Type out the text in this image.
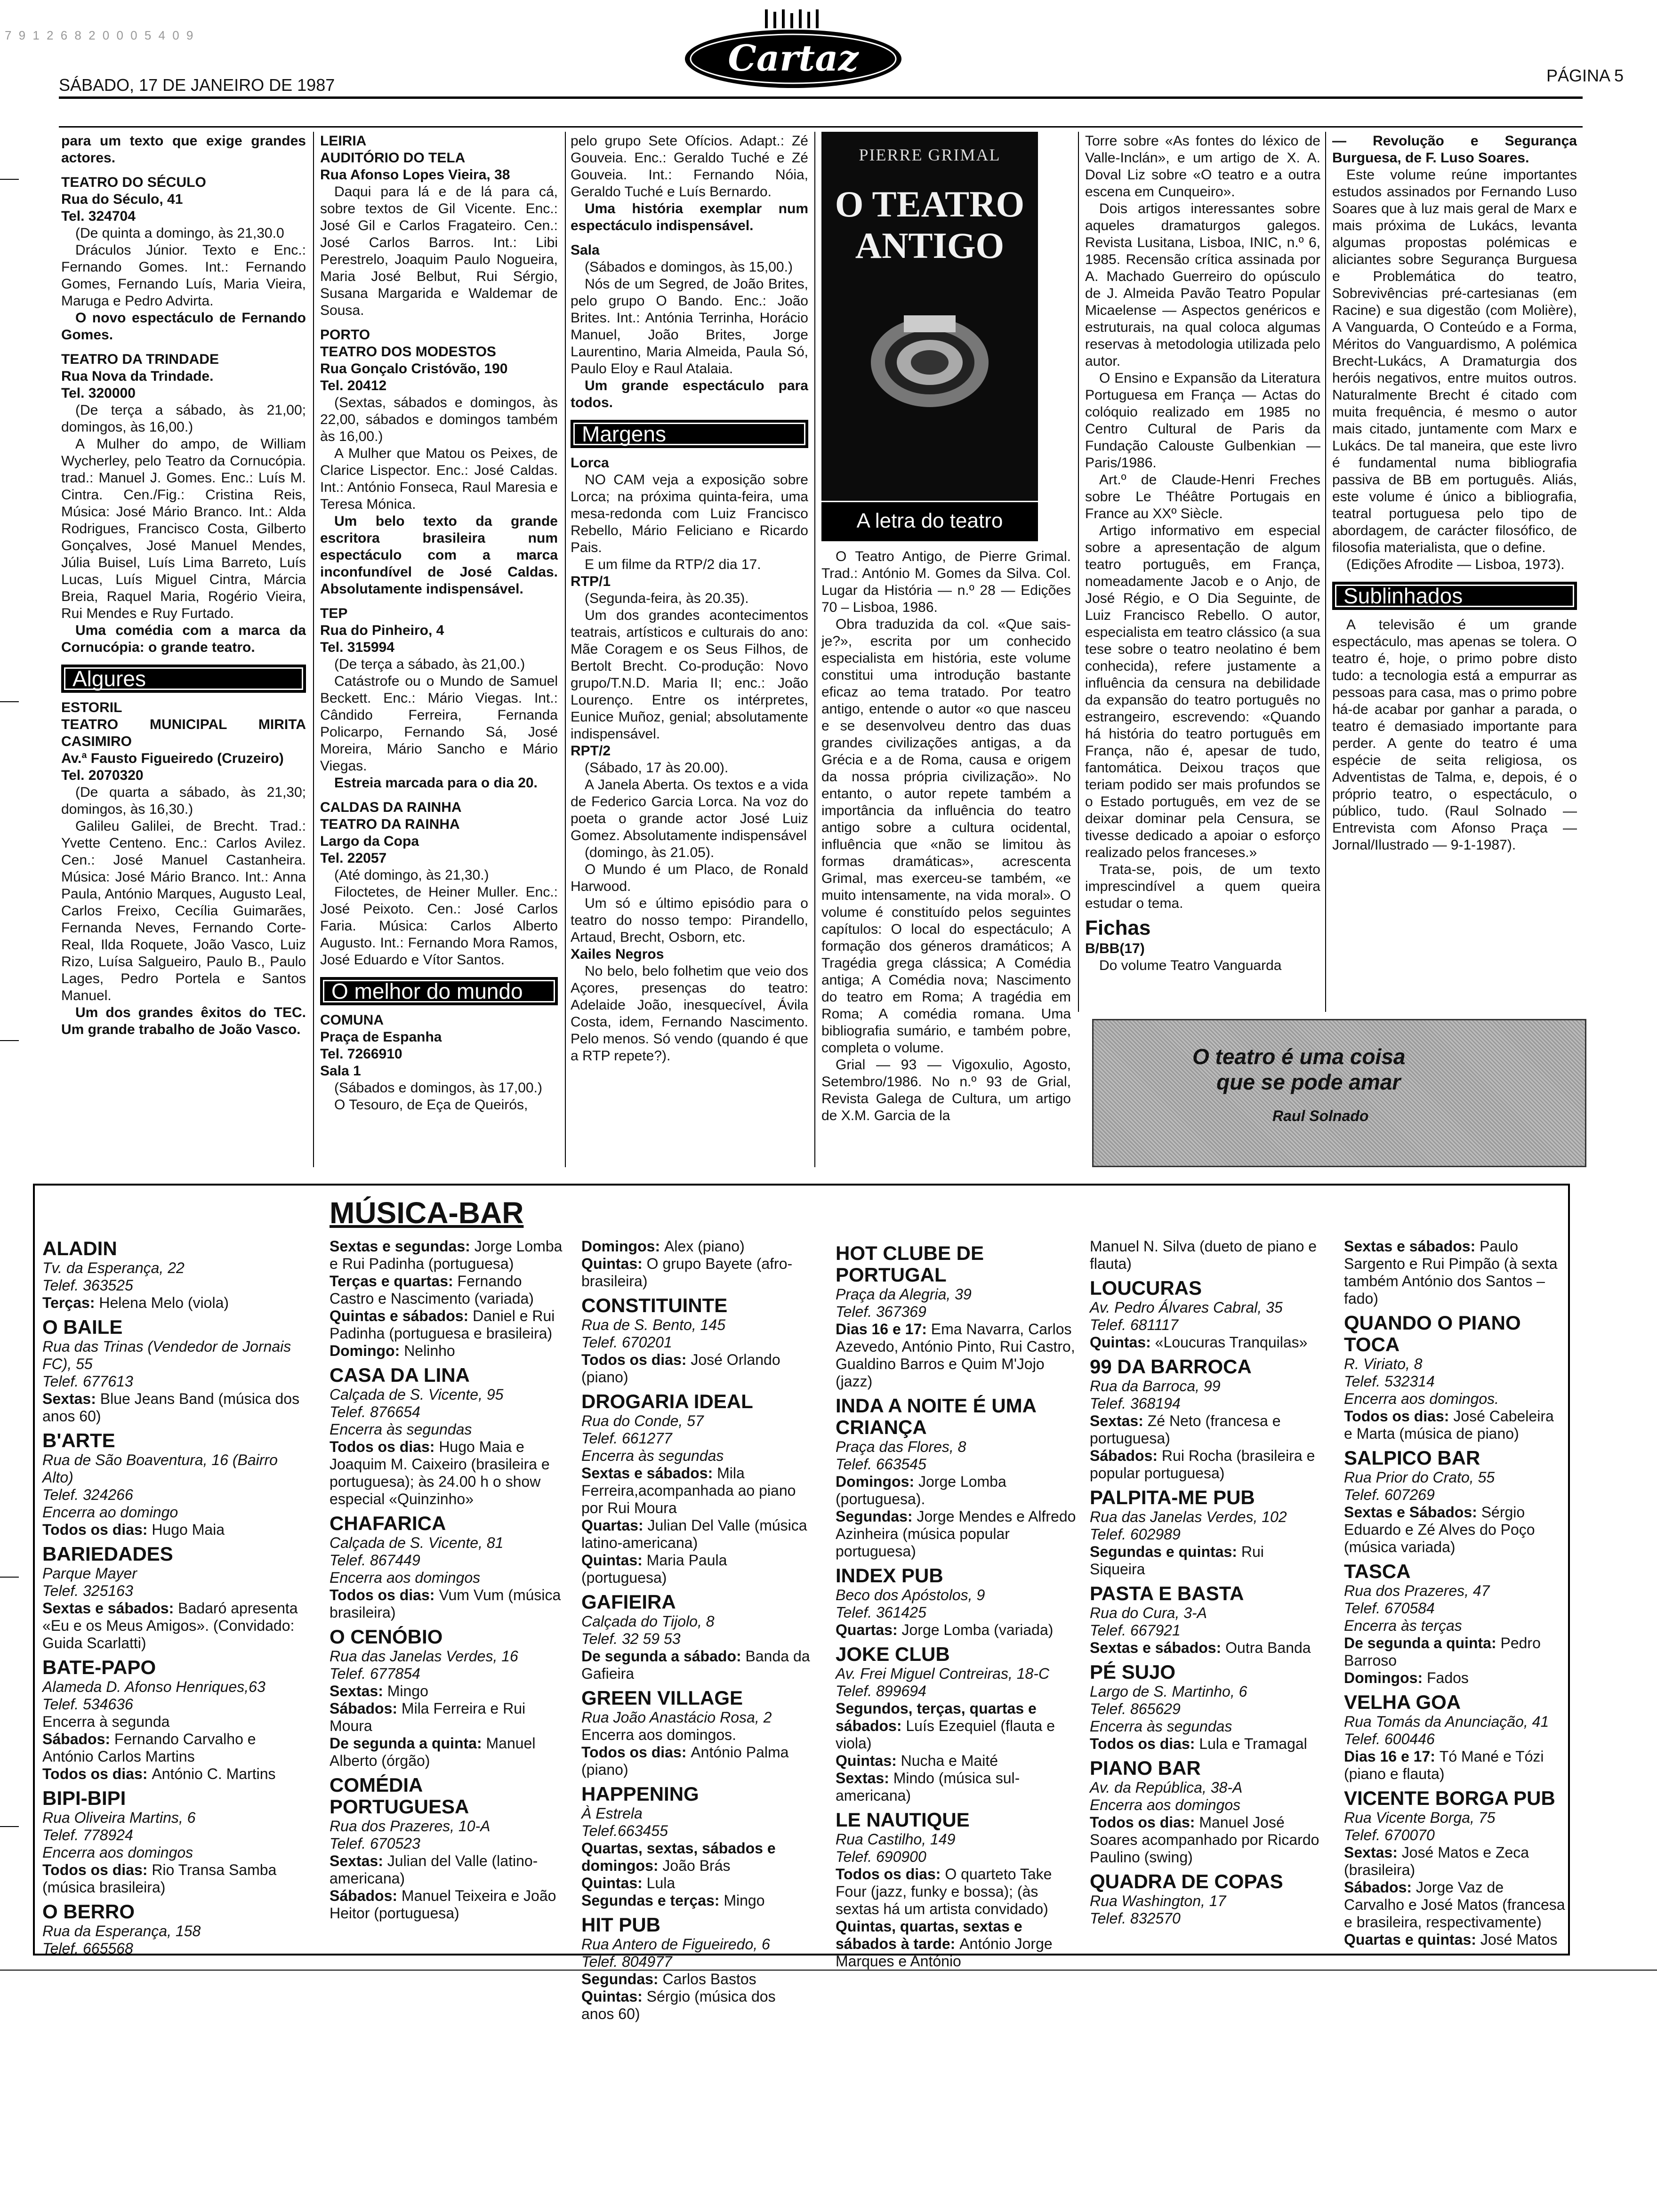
7 9 1 2 6 8 2 0 0 0 5 4 0 9
SÁBADO, 17 DE JANEIRO DE 1987
Cartaz	PÁGINA 5

para um texto que exige grandes actores.

TEATRO DO SÉCULO

Rua do Século, 41

Tel. 324704

(De quinta a domingo, às 21,30.0

Dráculos Júnior. Texto e Enc.: Fernando Gomes. Int.: Fernando Gomes, Fernando Luís, Maria Vieira, Maruga e Pedro Advirta.

O novo espectáculo de Fernando Gomes.

TEATRO DA TRINDADE

Rua Nova da Trindade.

Tel. 320000

(De terça a sábado, às 21,00; domingos, às 16,00.)

A Mulher do ampo, de William Wycherley, pelo Teatro da Cornucópia. trad.: Manuel J. Gomes. Enc.: Luís M. Cintra. Cen./Fig.: Cristina Reis, Música: José Mário Branco. Int.: Alda Rodrigues, Francisco Costa, Gilberto Gonçalves, José Manuel Mendes, Júlia Buisel, Luís Lima Barreto, Luís Lucas, Luís Miguel Cintra, Márcia Breia, Raquel Maria, Rogério Vieira, Rui Mendes e Ruy Furtado.

Uma comédia com a marca da Cornucópia: o grande teatro.

Algures

ESTORIL

TEATRO MUNICIPAL MIRITA CASIMIRO

Av.ª Fausto Figueiredo (Cruzeiro)

Tel. 2070320

(De quarta a sábado, às 21,30; domingos, às 16,30.)

Galileu Galilei, de Brecht. Trad.: Yvette Centeno. Enc.: Carlos Avilez. Cen.: José Manuel Castanheira. Música: José Mário Branco. Int.: Anna Paula, António Marques, Augusto Leal, Carlos Freixo, Cecília Guimarães, Fernanda Neves, Fernando Corte-Real, Ilda Roquete, João Vasco, Luiz Rizo, Luísa Salgueiro, Paulo B., Paulo Lages, Pedro Portela e Santos Manuel.

Um dos grandes êxitos do TEC. Um grande trabalho de João Vasco.

LEIRIA

AUDITÓRIO DO TELA

Rua Afonso Lopes Vieira, 38

Daqui para lá e de lá para cá, sobre textos de Gil Vicente. Enc.: José Gil e Carlos Fragateiro. Cen.: José Carlos Barros. Int.: Libi Perestrelo, Joaquim Paulo Nogueira, Maria José Belbut, Rui Sérgio, Susana Margarida e Waldemar de Sousa.

PORTO

TEATRO DOS MODESTOS

Rua Gonçalo Cristóvão, 190

Tel. 20412

(Sextas, sábados e domingos, às 22,00, sábados e domingos também às 16,00.)

A Mulher que Matou os Peixes, de Clarice Lispector. Enc.: José Caldas. Int.: António Fonseca, Raul Maresia e Teresa Mónica.

Um belo texto da grande escritora brasileira num espectáculo com a marca inconfundível de José Caldas. Absolutamente indispensável.

TEP

Rua do Pinheiro, 4

Tel. 315994

(De terça a sábado, às 21,00.)

Catástrofe ou o Mundo de Samuel Beckett. Enc.: Mário Viegas. Int.: Cândido Ferreira, Fernanda Policarpo, Fernando Sá, José Moreira, Mário Sancho e Mário Viegas.

Estreia marcada para o dia 20.

CALDAS DA RAINHA

TEATRO DA RAINHA

Largo da Copa

Tel. 22057

(Até domingo, às 21,30.)

Filoctetes, de Heiner Muller. Enc.: José Peixoto. Cen.: José Carlos Faria. Música: Carlos Alberto Augusto. Int.: Fernando Mora Ramos, José Eduardo e Vítor Santos.

O melhor do mundo

COMUNA

Praça de Espanha

Tel. 7266910

Sala 1

(Sábados e domingos, às 17,00.)

O Tesouro, de Eça de Queirós,

pelo grupo Sete Ofícios. Adapt.: Zé Gouveia. Enc.: Geraldo Tuché e Zé Gouveia. Int.: Fernando Nóia, Geraldo Tuché e Luís Bernardo.

Uma história exemplar num espectáculo indispensável.

Sala

(Sábados e domingos, às 15,00.)

Nós de um Segred, de João Brites, pelo grupo O Bando. Enc.: João Brites. Int.: Antónia Terrinha, Horácio Manuel, João Brites, Jorge Laurentino, Maria Almeida, Paula Só, Paulo Eloy e Raul Atalaia.

Um grande espectáculo para todos.

Margens

Lorca

NO CAM veja a exposição sobre Lorca; na próxima quinta-feira, uma mesa-redonda com Luiz Francisco Rebello, Mário Feliciano e Ricardo Pais.

E um filme da RTP/2 dia 17.

RTP/1

(Segunda-feira, às 20.35).

Um dos grandes acontecimentos teatrais, artísticos e culturais do ano: Mãe Coragem e os Seus Filhos, de Bertolt Brecht. Co-produção: Novo grupo/T.N.D. Maria II; enc.: João Lourenço. Entre os intérpretes, Eunice Muñoz, genial; absolutamente indispensável.

RPT/2

(Sábado, 17 às 20.00).

A Janela Aberta. Os textos e a vida de Federico Garcia Lorca. Na voz do poeta o grande actor José Luiz Gomez. Absolutamente indispensável

(domingo, às 21.05).

O Mundo é um Placo, de Ronald Harwood.

Um só e último episódio para o teatro do nosso tempo: Pirandello, Artaud, Brecht, Osborn, etc.

Xailes Negros

No belo, belo folhetim que veio dos Açores, presenças do teatro: Adelaide João, inesquecível, Ávila Costa, idem, Fernando Nascimento. Pelo menos. Só vendo (quando é que a RTP repete?).

PIERRE GRIMAL
O TEATRO ANTIGO
A letra do teatro

O Teatro Antigo, de Pierre Grimal. Trad.: António M. Gomes da Silva. Col. Lugar da História — n.º 28 — Edições 70 – Lisboa, 1986.

Obra traduzida da col. «Que sais-je?», escrita por um conhecido especialista em história, este volume constitui uma introdução bastante eficaz ao tema tratado. Por teatro antigo, entende o autor «o que nasceu e se desenvolveu dentro das duas grandes civilizações antigas, a da Grécia e a de Roma, causa e origem da nossa própria civilização». No entanto, o autor repete também a importância da influência do teatro antigo sobre a cultura ocidental, influência que «não se limitou às formas dramáticas», acrescenta Grimal, mas exerceu-se também, «e muito intensamente, na vida moral». O volume é constituído pelos seguintes capítulos: O local do espectáculo; A formação dos géneros dramáticos; A Tragédia grega clássica; A Comédia antiga; A Comédia nova; Nascimento do teatro em Roma; A tragédia em Roma; A comédia romana. Uma bibliografia sumário, e também pobre, completa o volume.

Grial — 93 — Vigoxulio, Agosto, Setembro/1986. No n.º 93 de Grial, Revista Galega de Cultura, um artigo de X.M. Garcia de la

Torre sobre «As fontes do léxico de Valle-Inclán», e um artigo de X. A. Doval Liz sobre «O teatro e a outra escena em Cunqueiro».

Dois artigos interessantes sobre aqueles dramaturgos galegos. Revista Lusitana, Lisboa, INIC, n.º 6, 1985. Recensão crítica assinada por A. Machado Guerreiro do opúsculo de J. Almeida Pavão Teatro Popular Micaelense — Aspectos genéricos e estruturais, na qual coloca algumas reservas à metodologia utilizada pelo autor.

O Ensino e Expansão da Literatura Portuguesa em França — Actas do colóquio realizado em 1985 no Centro Cultural de Paris da Fundação Calouste Gulbenkian — Paris/1986.

Art.º de Claude-Henri Freches sobre Le Théâtre Portugais en France au XXº Siècle.

Artigo informativo em especial sobre a apresentação de algum teatro português, em França, nomeadamente Jacob e o Anjo, de José Régio, e O Dia Seguinte, de Luiz Francisco Rebello. O autor, especialista em teatro clássico (a sua tese sobre o teatro neolatino é bem conhecida), refere justamente a influência da censura na debilidade da expansão do teatro português no estrangeiro, escrevendo: «Quando há história do teatro português em França, não é, apesar de tudo, fantomática. Deixou traços que teriam podido ser mais profundos se o Estado português, em vez de se deixar dominar pela Censura, se tivesse dedicado a apoiar o esforço realizado pelos franceses.»

Trata-se, pois, de um texto imprescindível a quem queira estudar o tema.

Fichas

B/BB(17)

Do volume Teatro Vanguarda

— Revolução e Segurança Burguesa, de F. Luso Soares.

Este volume reúne importantes estudos assinados por Fernando Luso Soares que à luz mais geral de Marx e mais próxima de Lukács, levanta algumas propostas polémicas e aliciantes sobre Segurança Burguesa e Problemática do teatro, Sobrevivências pré-cartesianas (em Racine) e sua digestão (com Molière), A Vanguarda, O Conteúdo e a Forma, Méritos do Vanguardismo, A polémica Brecht-Lukács, A Dramaturgia dos heróis negativos, entre muitos outros. Naturalmente Brecht é citado com muita frequência, é mesmo o autor mais citado, juntamente com Marx e Lukács. De tal maneira, que este livro é fundamental numa bibliografia passiva de BB em português. Aliás, este volume é único a bibliografia, teatral portuguesa pelo tipo de abordagem, de carácter filosófico, de filosofia materialista, que o define.

(Edições Afrodite — Lisboa, 1973).

Sublinhados

A televisão é um grande espectáculo, mas apenas se tolera. O teatro é, hoje, o primo pobre disto tudo: a tecnologia está a empurrar as pessoas para casa, mas o primo pobre há-de acabar por ganhar a parada, o teatro é demasiado importante para perder. A gente do teatro é uma espécie de seita religiosa, os Adventistas de Talma, e, depois, é o próprio teatro, o espectáculo, o público, tudo. (Raul Solnado — Entrevista com Afonso Praça — Jornal/Ilustrado — 9-1-1987).

O teatro é uma coisa
que se pode amar
Raul Solnado
MÚSICA-BAR
ALADIN
Tv. da Esperança, 22
Telef. 363525
Terças: Helena Melo (viola)
O BAILE
Rua das Trinas (Vendedor de Jornais FC), 55
Telef. 677613
Sextas: Blue Jeans Band (música dos anos 60)
B'ARTE
Rua de São Boaventura, 16 (Bairro Alto)
Telef. 324266
Encerra ao domingo
Todos os dias: Hugo Maia
BARIEDADES
Parque Mayer
Telef. 325163
Sextas e sábados: Badaró apresenta «Eu e os Meus Amigos». (Convidado: Guida Scarlatti)
BATE-PAPO
Alameda D. Afonso Henriques,63
Telef. 534636
Encerra à segunda
Sábados: Fernando Carvalho e António Carlos Martins
Todos os dias: António C. Martins
BIPI-BIPI
Rua Oliveira Martins, 6
Telef. 778924
Encerra aos domingos
Todos os dias: Rio Transa Samba (música brasileira)
O BERRO
Rua da Esperança, 158
Telef. 665568
Sextas e segundas: Jorge Lomba e Rui Padinha (portuguesa)
Terças e quartas: Fernando Castro e Nascimento (variada)
Quintas e sábados: Daniel e Rui Padinha (portuguesa e brasileira)
Domingo: Nelinho
CASA DA LINA
Calçada de S. Vicente, 95
Telef. 876654
Encerra às segundas
Todos os dias: Hugo Maia e Joaquim M. Caixeiro (brasileira e portuguesa); às 24.00 h o show especial «Quinzinho»
CHAFARICA
Calçada de S. Vicente, 81
Telef. 867449
Encerra aos domingos
Todos os dias: Vum Vum (música brasileira)
O CENÓBIO
Rua das Janelas Verdes, 16
Telef. 677854
Sextas: Mingo
Sábados: Mila Ferreira e Rui Moura
De segunda a quinta: Manuel Alberto (órgão)
COMÉDIA PORTUGUESA
Rua dos Prazeres, 10-A
Telef. 670523
Sextas: Julian del Valle (latino-americana)
Sábados: Manuel Teixeira e João Heitor (portuguesa)
Domingos: Alex (piano)
Quintas: O grupo Bayete (afro-brasileira)
CONSTITUINTE
Rua de S. Bento, 145
Telef. 670201
Todos os dias: José Orlando (piano)
DROGARIA IDEAL
Rua do Conde, 57
Telef. 661277
Encerra às segundas
Sextas e sábados: Mila Ferreira,acompanhada ao piano por Rui Moura
Quartas: Julian Del Valle (música latino-americana)
Quintas: Maria Paula (portuguesa)
GAFIEIRA
Calçada do Tijolo, 8
Telef. 32 59 53
De segunda a sábado: Banda da Gafieira
GREEN VILLAGE
Rua João Anastácio Rosa, 2
Encerra aos domingos.
Todos os dias: António Palma (piano)
HAPPENING
À Estrela
Telef.663455
Quartas, sextas, sábados e domingos: João Brás
Quintas: Lula
Segundas e terças: Mingo
HIT PUB
Rua Antero de Figueiredo, 6
Telef. 804977
Segundas: Carlos Bastos
Quintas: Sérgio (música dos anos 60)
HOT CLUBE DE PORTUGAL
Praça da Alegria, 39
Telef. 367369
Dias 16 e 17: Ema Navarra, Carlos Azevedo, António Pinto, Rui Castro, Gualdino Barros e Quim M'Jojo (jazz)
INDA A NOITE É UMA CRIANÇA
Praça das Flores, 8
Telef. 663545
Domingos: Jorge Lomba (portuguesa).
Segundas: Jorge Mendes e Alfredo Azinheira (música popular portuguesa)
INDEX PUB
Beco dos Apóstolos, 9
Telef. 361425
Quartas: Jorge Lomba (variada)
JOKE CLUB
Av. Frei Miguel Contreiras, 18-C
Telef. 899694
Segundos, terças, quartas e sábados: Luís Ezequiel (flauta e viola)
Quintas: Nucha e Maité
Sextas: Mindo (música sul-americana)
LE NAUTIQUE
Rua Castilho, 149
Telef. 690900
Todos os dias: O quarteto Take Four (jazz, funky e bossa); (às sextas há um artista convidado)
Quintas, quartas, sextas e sábados à tarde: António Jorge Marques e António
Manuel N. Silva (dueto de piano e flauta)
LOUCURAS
Av. Pedro Álvares Cabral, 35
Telef. 681117
Quintas: «Loucuras Tranquilas»
99 DA BARROCA
Rua da Barroca, 99
Telef. 368194
Sextas: Zé Neto (francesa e portuguesa)
Sábados: Rui Rocha (brasileira e popular portuguesa)
PALPITA-ME PUB
Rua das Janelas Verdes, 102
Telef. 602989
Segundas e quintas: Rui Siqueira
PASTA E BASTA
Rua do Cura, 3-A
Telef. 667921
Sextas e sábados: Outra Banda
PÉ SUJO
Largo de S. Martinho, 6
Telef. 865629
Encerra às segundas
Todos os dias: Lula e Tramagal
PIANO BAR
Av. da República, 38-A
Encerra aos domingos
Todos os dias: Manuel José Soares acompanhado por Ricardo Paulino (swing)
QUADRA DE COPAS
Rua Washington, 17
Telef. 832570
Sextas e sábados: Paulo Sargento e Rui Pimpão (à sexta também António dos Santos – fado)
QUANDO O PIANO TOCA
R. Viriato, 8
Telef. 532314
Encerra aos domingos.
Todos os dias: José Cabeleira e Marta (música de piano)
SALPICO BAR
Rua Prior do Crato, 55
Telef. 607269
Sextas e Sábados: Sérgio Eduardo e Zé Alves do Poço (música variada)
TASCA
Rua dos Prazeres, 47
Telef. 670584
Encerra às terças
De segunda a quinta: Pedro Barroso
Domingos: Fados
VELHA GOA
Rua Tomás da Anunciação, 41
Telef. 600446
Dias 16 e 17: Tó Mané e Tózi (piano e flauta)
VICENTE BORGA PUB
Rua Vicente Borga, 75
Telef. 670070
Sextas: José Matos e Zeca (brasileira)
Sábados: Jorge Vaz de Carvalho e José Matos (francesa e brasileira, respectivamente)
Quartas e quintas: José Matos
